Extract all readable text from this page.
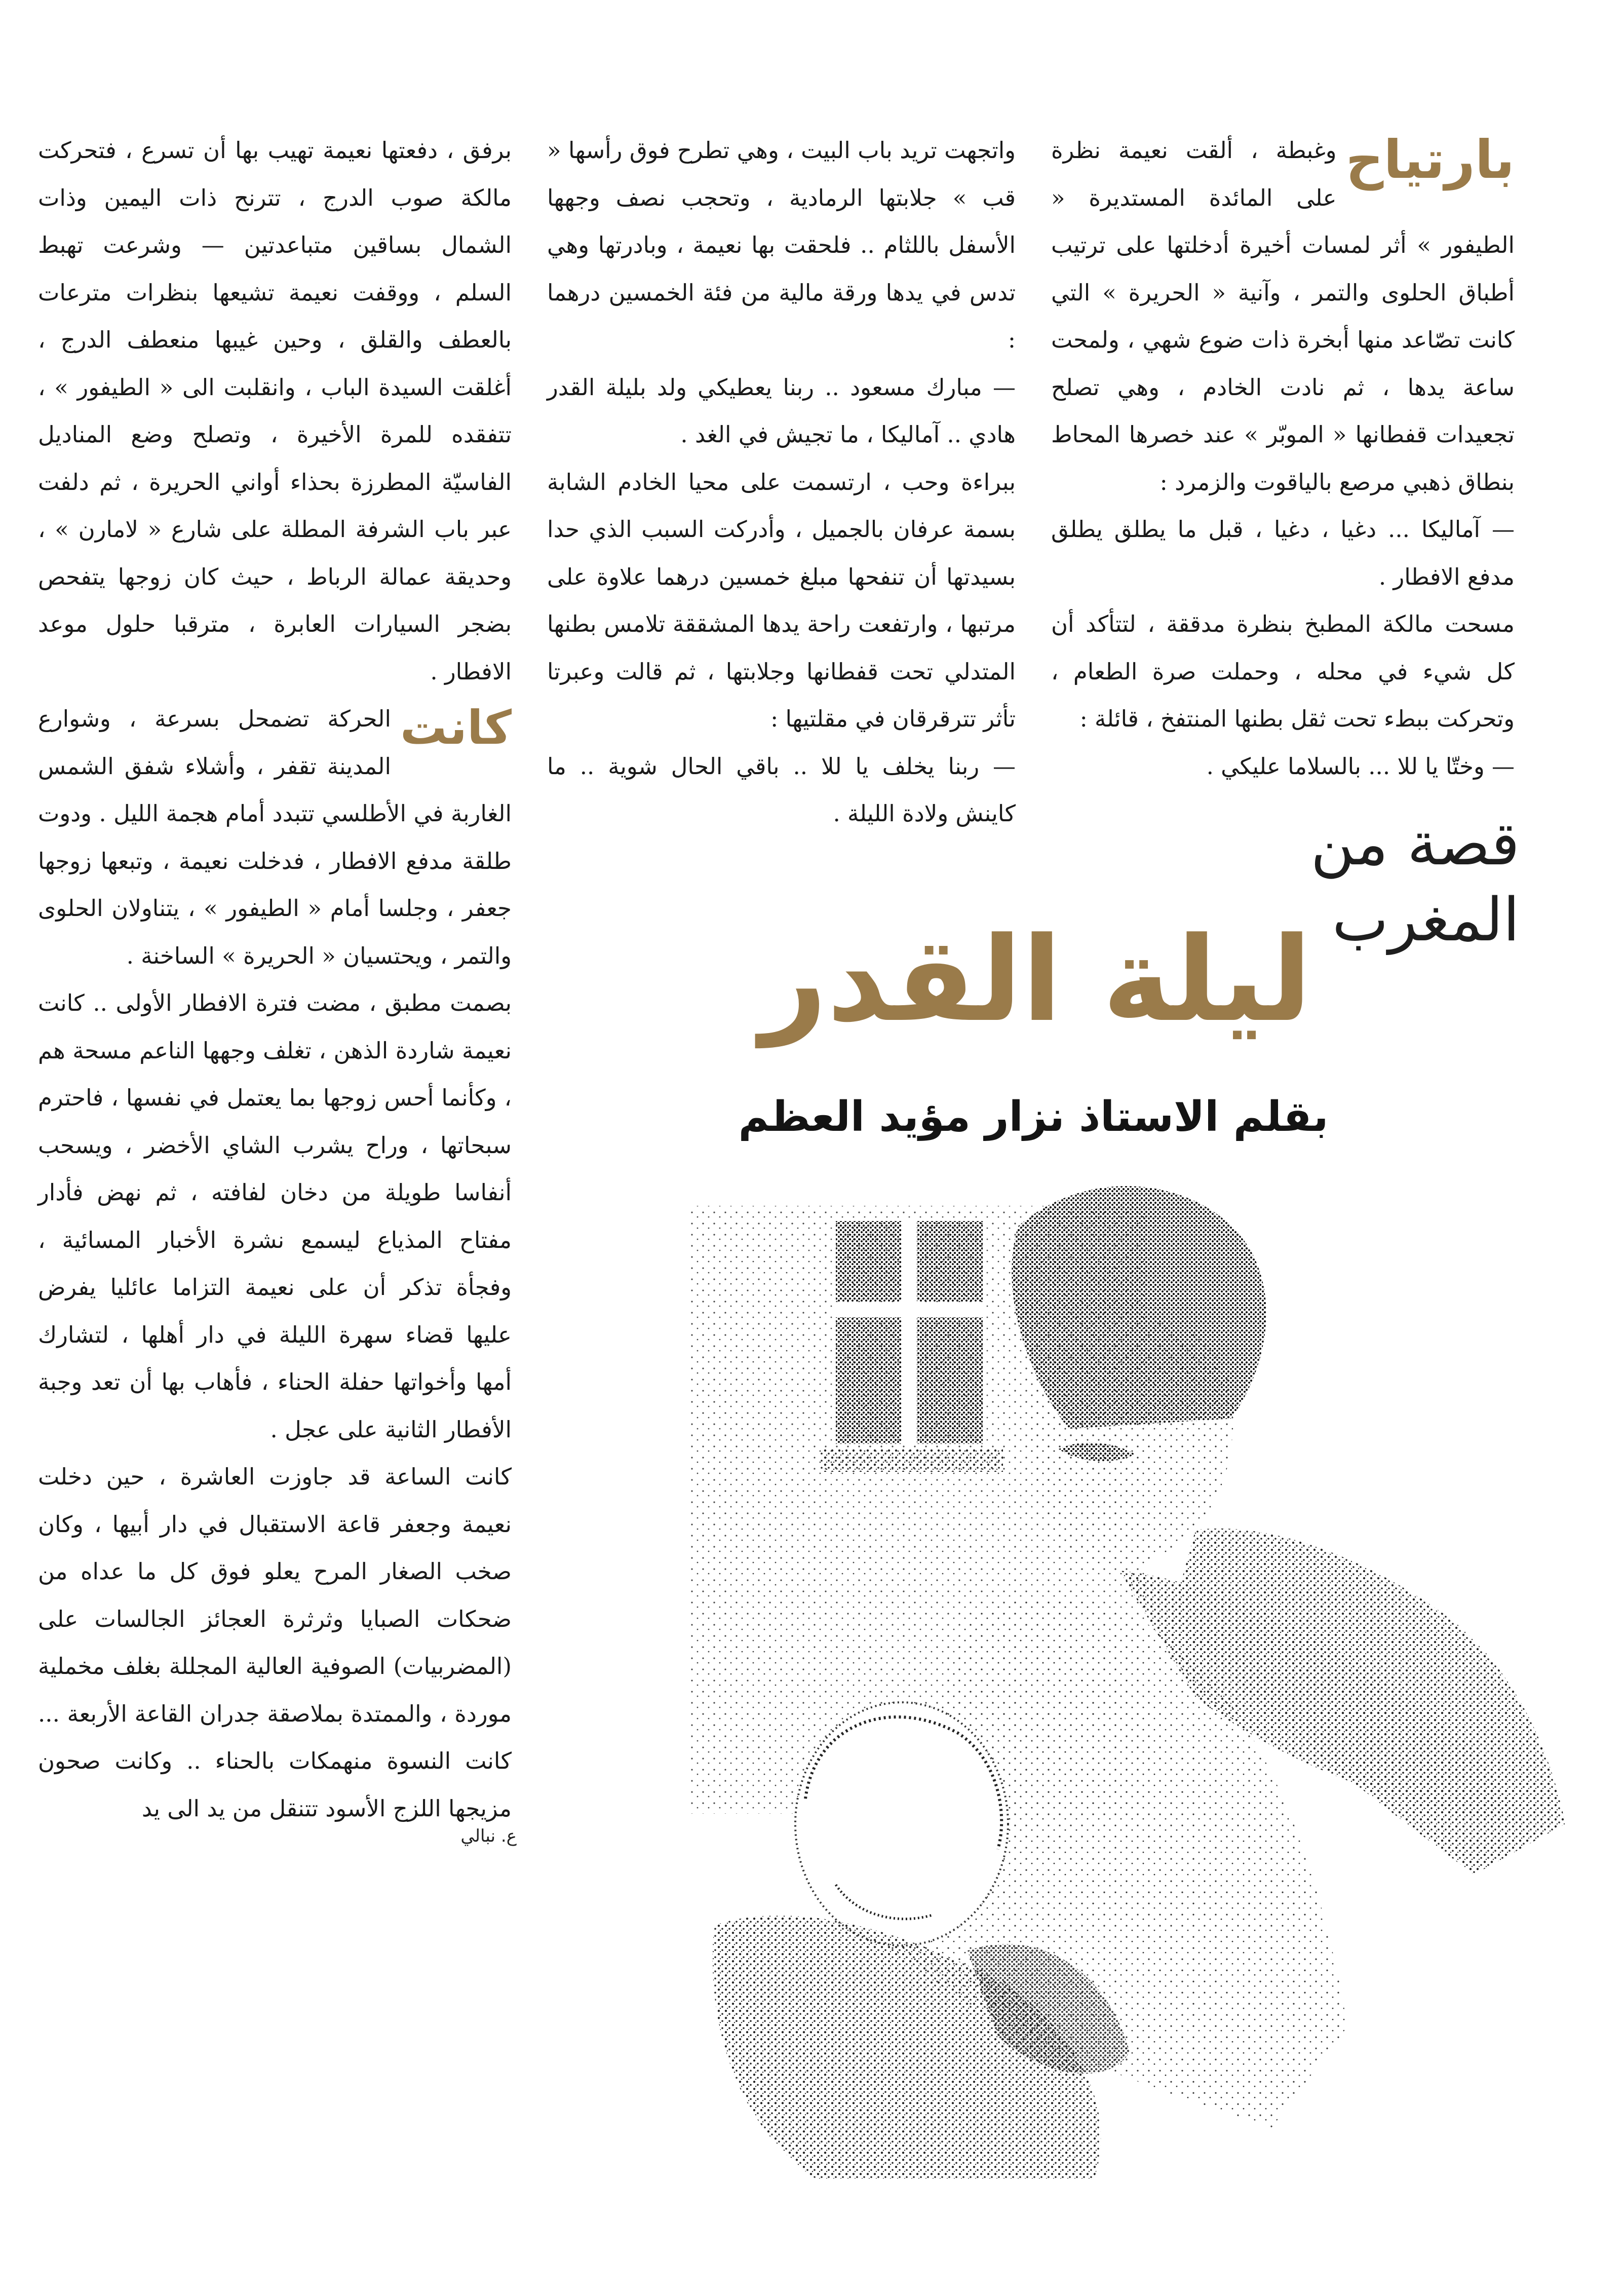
بارتياح

وغبطة ، ألقت نعيمة نظرة على المائدة المستديرة « الطيفور » أثر لمسات أخيرة أدخلتها على ترتيب أطباق الحلوى والتمر ، وآنية « الحريرة » التي كانت تصّاعد منها أبخرة ذات ضوع شهي ، ولمحت ساعة يدها ، ثم نادت الخادم ، وهي تصلح تجعيدات قفطانها « الموبّر » عند خصرها المحاط بنطاق ذهبي مرصع بالياقوت والزمرد :

— آماليكا ... دغيا ، دغيا ، قبل ما يطلق يطلق مدفع الافطار .

مسحت مالكة المطبخ بنظرة مدققة ، لتتأكد أن كل شيء في محله ، وحملت صرة الطعام ، وتحركت ببطء تحت ثقل بطنها المنتفخ ، قائلة :

— وختّا يا للا ... بالسلاما عليكي .

واتجهت تريد باب البيت ، وهي تطرح فوق رأسها « قب » جلابتها الرمادية ، وتحجب نصف وجهها الأسفل باللثام .. فلحقت بها نعيمة ، وبادرتها وهي تدس في يدها ورقة مالية من فئة الخمسين درهما :

— مبارك مسعود .. ربنا يعطيكي ولد بليلة القدر هادي .. آماليكا ، ما تجيش في الغد .

ببراءة وحب ، ارتسمت على محيا الخادم الشابة بسمة عرفان بالجميل ، وأدركت السبب الذي حدا بسيدتها أن تنفحها مبلغ خمسين درهما علاوة على مرتبها ، وارتفعت راحة يدها المشققة تلامس بطنها المتدلي تحت قفطانها وجلابتها ، ثم قالت وعبرتا تأثر تترقرقان في مقلتيها :

— ربنا يخلف يا للا .. باقي الحال شوية .. ما كاينش ولادة الليلة .

برفق ، دفعتها نعيمة تهيب بها أن تسرع ، فتحركت مالكة صوب الدرج ، تترنح ذات اليمين وذات الشمال بساقين متباعدتين — وشرعت تهبط السلم ، ووقفت نعيمة تشيعها بنظرات مترعات بالعطف والقلق ، وحين غيبها منعطف الدرج ، أغلقت السيدة الباب ، وانقلبت الى « الطيفور » ، تتفقده للمرة الأخيرة ، وتصلح وضع المناديل الفاسيّة المطرزة بحذاء أواني الحريرة ، ثم دلفت عبر باب الشرفة المطلة على شارع « لامارن » ، وحديقة عمالة الرباط ، حيث كان زوجها يتفحص بضجر السيارات العابرة ، مترقبا حلول موعد الافطار .

كانت

الحركة تضمحل بسرعة ، وشوارع المدينة تقفر ، وأشلاء شفق الشمس الغاربة في الأطلسي تتبدد أمام هجمة الليل . ودوت طلقة مدفع الافطار ، فدخلت نعيمة ، وتبعها زوجها جعفر ، وجلسا أمام « الطيفور » ، يتناولان الحلوى والتمر ، ويحتسيان « الحريرة » الساخنة .

بصمت مطبق ، مضت فترة الافطار الأولى .. كانت نعيمة شاردة الذهن ، تغلف وجهها الناعم مسحة هم ، وكأنما أحس زوجها بما يعتمل في نفسها ، فاحترم سبحاتها ، وراح يشرب الشاي الأخضر ، ويسحب أنفاسا طويلة من دخان لفافته ، ثم نهض فأدار مفتاح المذياع ليسمع نشرة الأخبار المسائية ، وفجأة تذكر أن على نعيمة التزاما عائليا يفرض عليها قضاء سهرة الليلة في دار أهلها ، لتشارك أمها وأخواتها حفلة الحناء ، فأهاب بها أن تعد وجبة الأفطار الثانية على عجل .

كانت الساعة قد جاوزت العاشرة ، حين دخلت نعيمة وجعفر قاعة الاستقبال في دار أبيها ، وكان صخب الصغار المرح يعلو فوق كل ما عداه من ضحكات الصبايا وثرثرة العجائز الجالسات على (المضربيات) الصوفية العالية المجللة بغلف مخملية موردة ، والممتدة بملاصقة جدران القاعة الأربعة ... كانت النسوة منهمكات بالحناء .. وكانت صحون مزيجها اللزج الأسود تتنقل من يد الى يد

قصة من المغرب
ليلة القدر
بقلم الاستاذ نزار مؤيد العظم
ع. نبالي
